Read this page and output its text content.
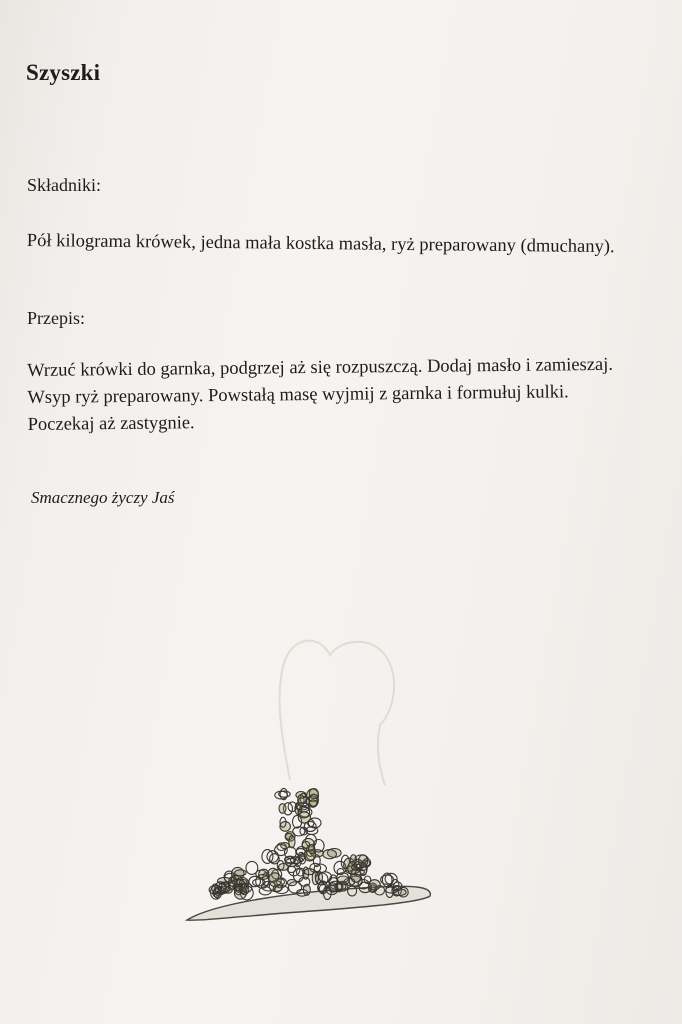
Szyszki

Składniki:

Pół kilograma krówek, jedna mała kostka masła, ryż preparowany (dmuchany).

Przepis:

Wrzuć krówki do garnka, podgrzej aż się rozpuszczą. Dodaj masło i zamieszaj. Wsyp ryż preparowany. Powstałą masę wyjmij z garnka i formułuj kulki. Poczekaj aż zastygnie.

Smacznego życzy Jaś
